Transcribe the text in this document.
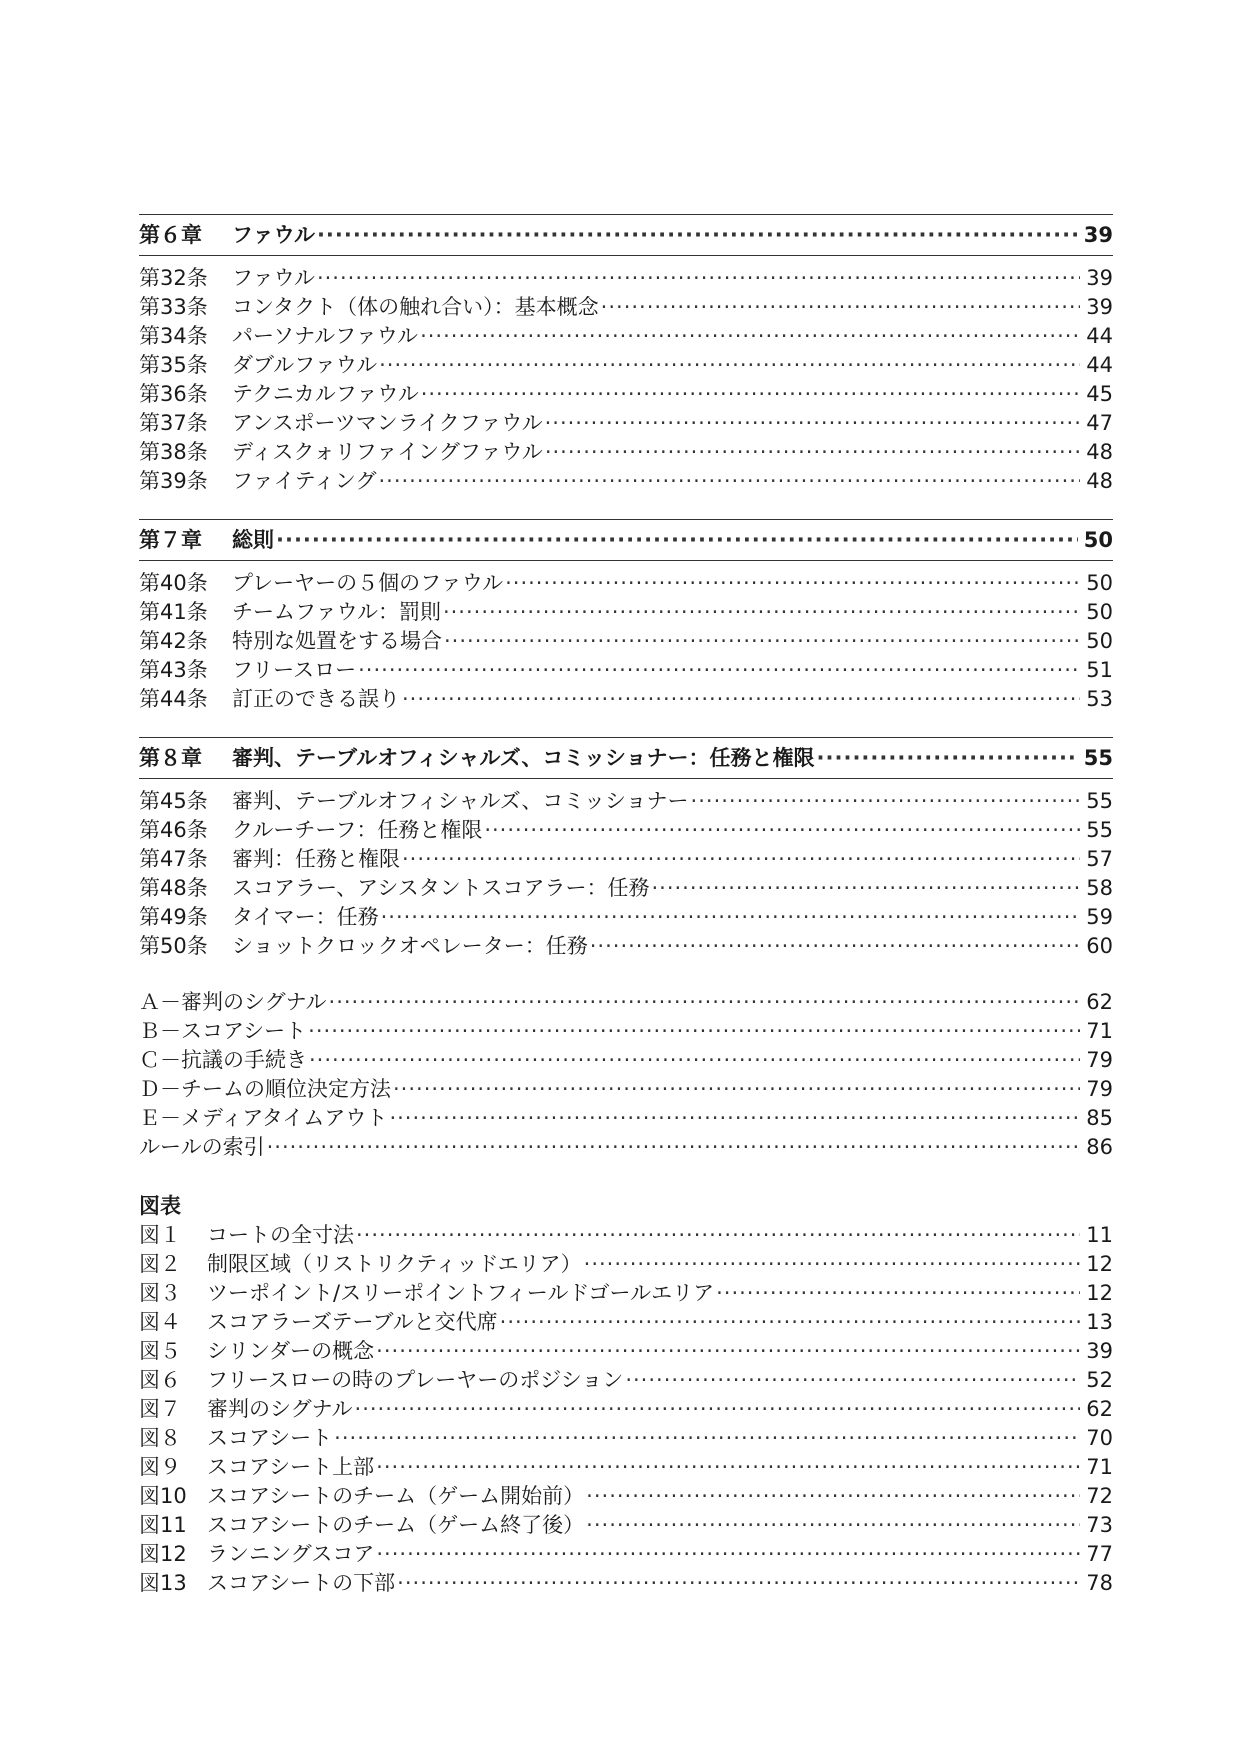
第６章	ファウル ·····	39
第32条	ファウル ·····	39
第33条	コンタクト（体の触れ合い）：基本概念 ·····	39
第34条	パーソナルファウル ·····	44
第35条	ダブルファウル ·····	44
第36条	テクニカルファウル ·····	45
第37条	アンスポーツマンライクファウル ·····	47
第38条	ディスクォリファイングファウル ·····	48
第39条	ファイティング ·····	48
第７章	総則 ·····	50
第40条	プレーヤーの５個のファウル ·····	50
第41条	チームファウル：罰則 ·····	50
第42条	特別な処置をする場合 ·····	50
第43条	フリースロー ·····	51
第44条	訂正のできる誤り ·····	53
第８章	審判、テーブルオフィシャルズ、コミッショナー：任務と権限 ·····	55
第45条	審判、テーブルオフィシャルズ、コミッショナー ·····	55
第46条	クルーチーフ：任務と権限 ·····	55
第47条	審判：任務と権限 ·····	57
第48条	スコアラー、アシスタントスコアラー：任務 ·····	58
第49条	タイマー：任務 ·····	59
第50条	ショットクロックオペレーター：任務 ·····	60
Ａ－審判のシグナル ·····	62
Ｂ－スコアシート ·····	71
Ｃ－抗議の手続き ·····	79
Ｄ－チームの順位決定方法 ·····	79
Ｅ－メディアタイムアウト ·····	85
ルールの索引 ·····	86
図表
図１	コートの全寸法 ·····	11
図２	制限区域（リストリクティッドエリア） ·····	12
図３	ツーポイント/スリーポイントフィールドゴールエリア ·····	12
図４	スコアラーズテーブルと交代席 ·····	13
図５	シリンダーの概念 ·····	39
図６	フリースローの時のプレーヤーのポジション ·····	52
図７	審判のシグナル ·····	62
図８	スコアシート ·····	70
図９	スコアシート上部 ·····	71
図10 スコアシートのチーム（ゲーム開始前） ·····	72
図11 スコアシートのチーム（ゲーム終了後） ·····	73
図12 ランニングスコア ·····	77
図13 スコアシートの下部 ·····	78
